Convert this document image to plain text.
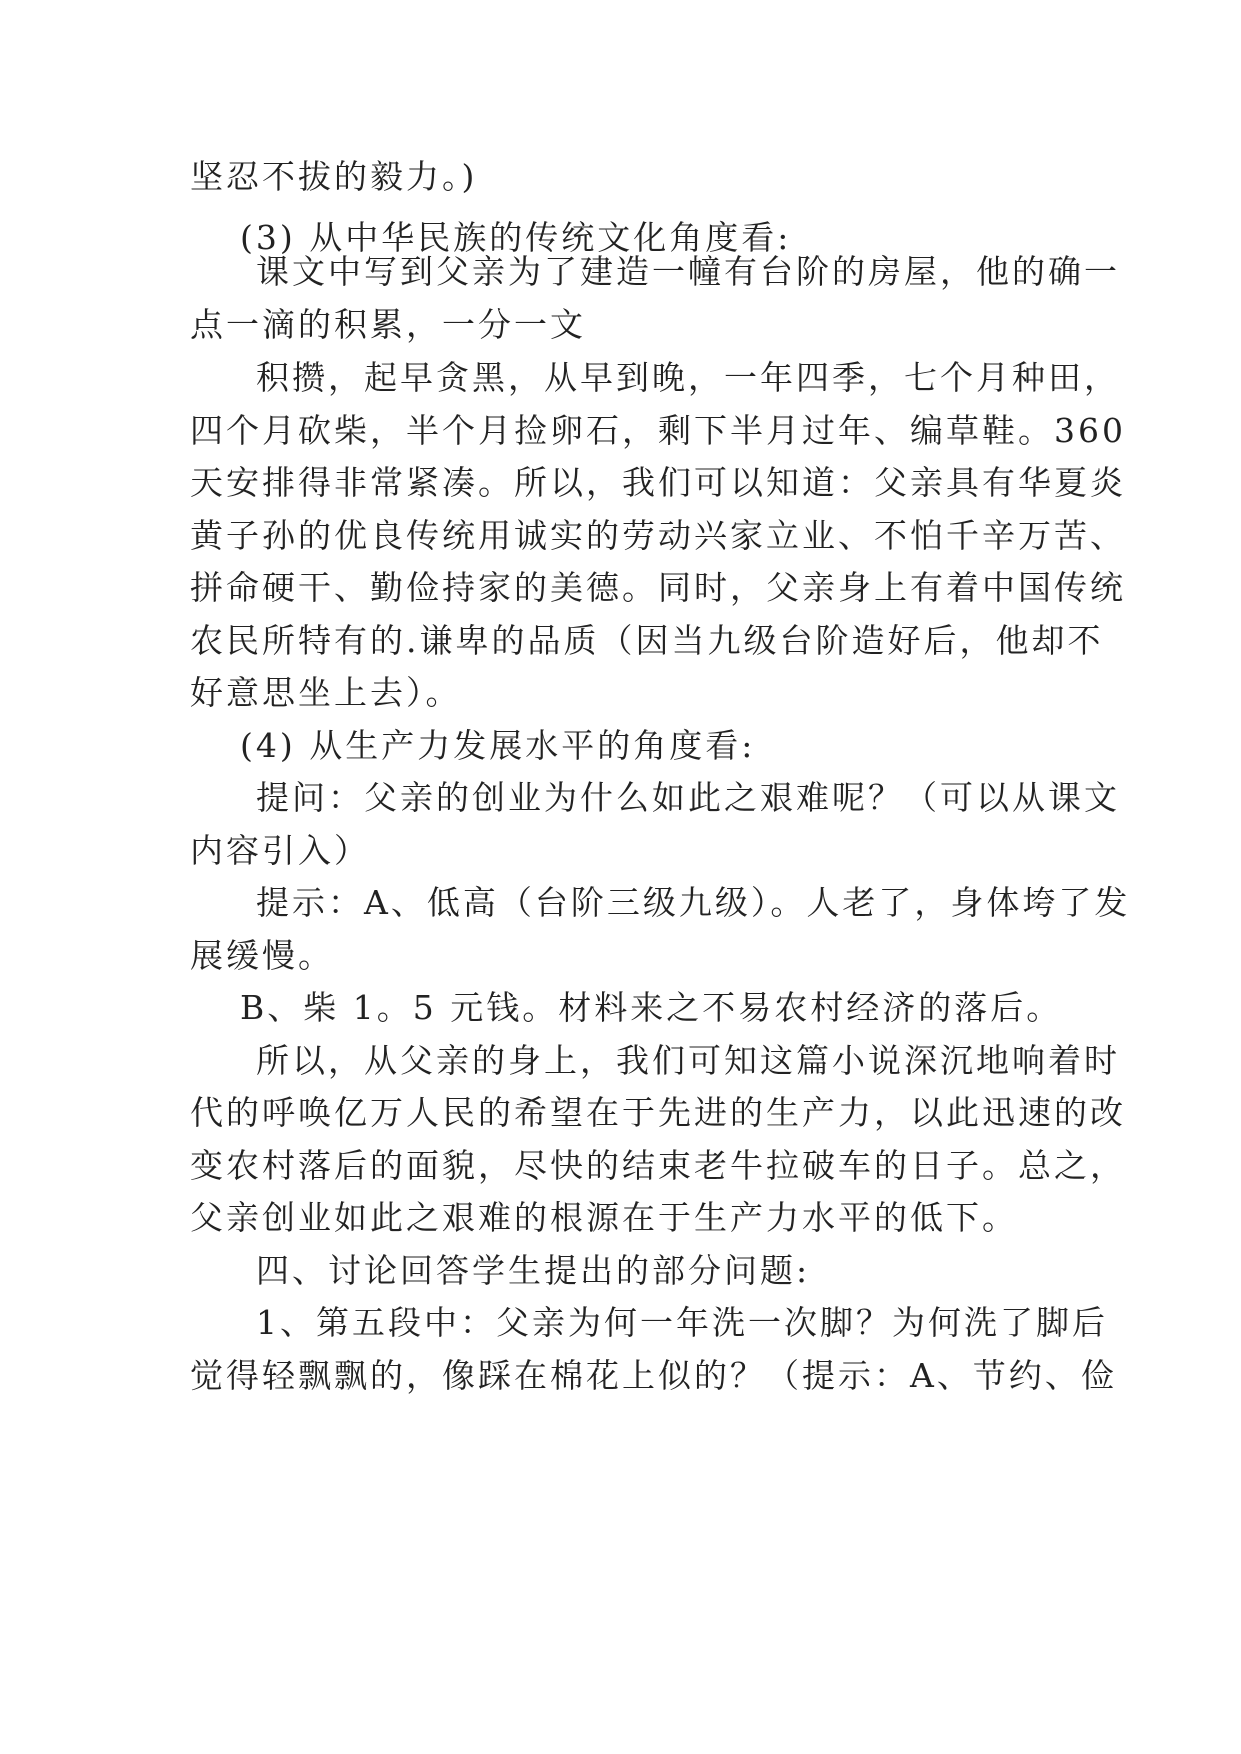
坚忍不拔的毅力。)
(3) 从中华民族的传统文化角度看:
课文中写到父亲为了建造一幢有台阶的房屋，他的确一
点一滴的积累，一分一文
积攒，起早贪黑，从早到晚，一年四季，七个月种田，
四个月砍柴，半个月捡卵石，剩下半月过年、编草鞋。360
天安排得非常紧凑。所以，我们可以知道：父亲具有华夏炎
黄子孙的优良传统用诚实的劳动兴家立业、不怕千辛万苦、
拼命硬干、勤俭持家的美德。同时，父亲身上有着中国传统
农民所特有的.谦卑的品质（因当九级台阶造好后，他却不
好意思坐上去）。
(4) 从生产力发展水平的角度看:
提问：父亲的创业为什么如此之艰难呢？（可以从课文
内容引入）
提示：A、低高（台阶三级九级）。人老了，身体垮了发
展缓慢。
B、柴 1。5 元钱。材料来之不易农村经济的落后。
所以，从父亲的身上，我们可知这篇小说深沉地响着时
代的呼唤亿万人民的希望在于先进的生产力，以此迅速的改
变农村落后的面貌，尽快的结束老牛拉破车的日子。总之，
父亲创业如此之艰难的根源在于生产力水平的低下。
四、讨论回答学生提出的部分问题:
1、第五段中：父亲为何一年洗一次脚？为何洗了脚后
觉得轻飘飘的，像踩在棉花上似的？（提示：A、节约、俭
